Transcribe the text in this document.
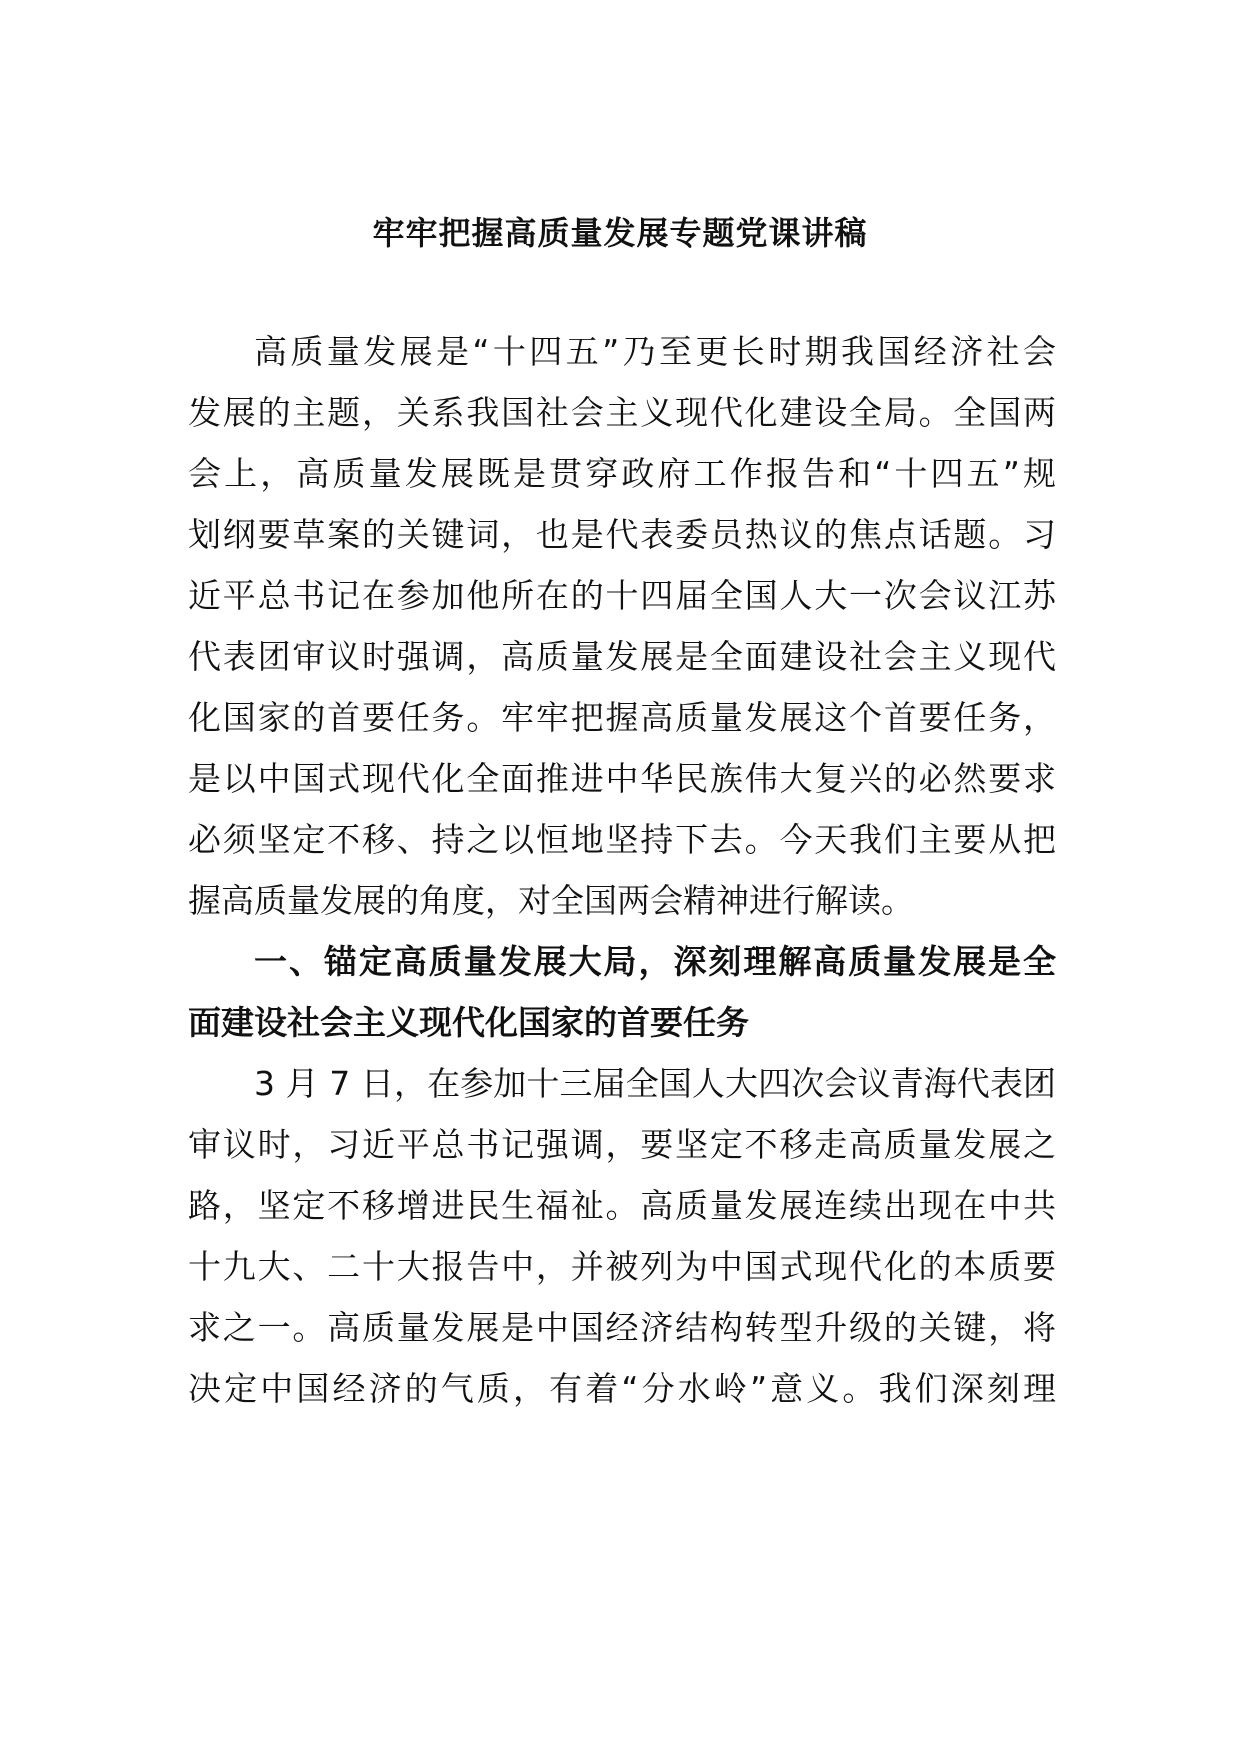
牢牢把握高质量发展专题党课讲稿
高质量发展是“十四五”乃至更长时期我国经济社会
发展的主题，关系我国社会主义现代化建设全局。全国两
会上，高质量发展既是贯穿政府工作报告和“十四五”规
划纲要草案的关键词，也是代表委员热议的焦点话题。习
近平总书记在参加他所在的十四届全国人大一次会议江苏
代表团审议时强调，高质量发展是全面建设社会主义现代
化国家的首要任务。牢牢把握高质量发展这个首要任务，
是以中国式现代化全面推进中华民族伟大复兴的必然要求
必须坚定不移、持之以恒地坚持下去。今天我们主要从把
握高质量发展的角度，对全国两会精神进行解读。
一、锚定高质量发展大局，深刻理解高质量发展是全
面建设社会主义现代化国家的首要任务
3 月 7 日，在参加十三届全国人大四次会议青海代表团
审议时，习近平总书记强调，要坚定不移走高质量发展之
路，坚定不移增进民生福祉。高质量发展连续出现在中共
十九大、二十大报告中，并被列为中国式现代化的本质要
求之一。高质量发展是中国经济结构转型升级的关键，将
决定中国经济的气质，有着“分水岭”意义。我们深刻理
